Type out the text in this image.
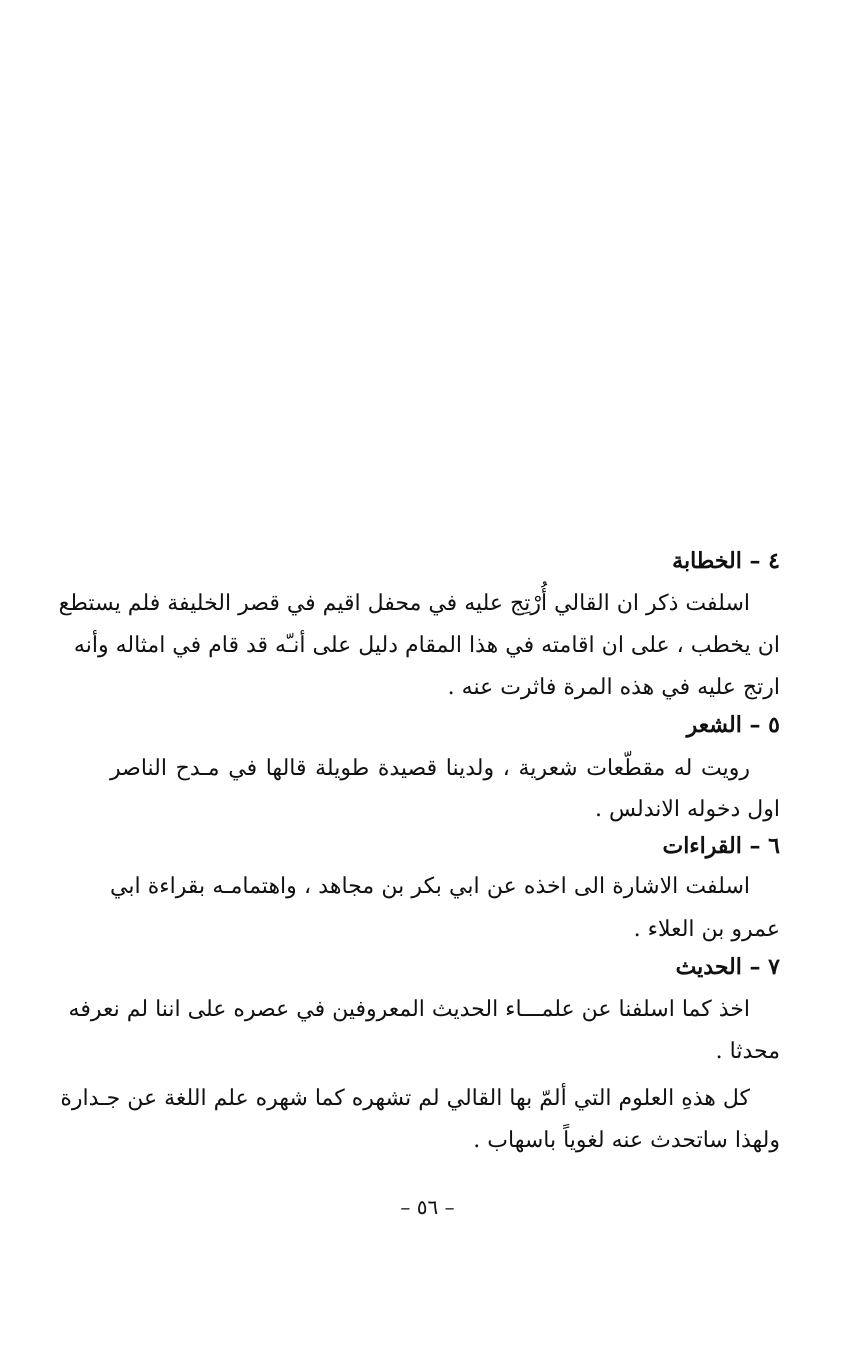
٤ – الخطابة
اسلفت ذكر ان القالي أُرْتِج عليه في محفل اقيم في قصر الخليفة فلم يستطع
ان يخطب ، على ان اقامته في هذا المقام دليل على أنـّه قد قام في امثاله وأنه
ارتج عليه في هذه المرة فاثرت عنه .
٥ – الشعر
رويت له مقطّعات شعرية ، ولدينا قصيدة طويلة قالها في مـدح الناصر
اول دخوله الاندلس .
٦ – القراءات
اسلفت الاشارة الى اخذه عن ابي بكر بن مجاهد ، واهتمامـه بقراءة ابي
عمرو بن العلاء .
٧ – الحديث
اخذ كما اسلفنا عن علمـــاء الحديث المعروفين في عصره على اننا لم نعرفه
محدثا .
كل هذهِ العلوم التي ألمّ بها القالي لم تشهره كما شهره علم اللغة عن جـدارة
ولهذا ساتحدث عنه لغوياً باسهاب .
– ٥٦ –
